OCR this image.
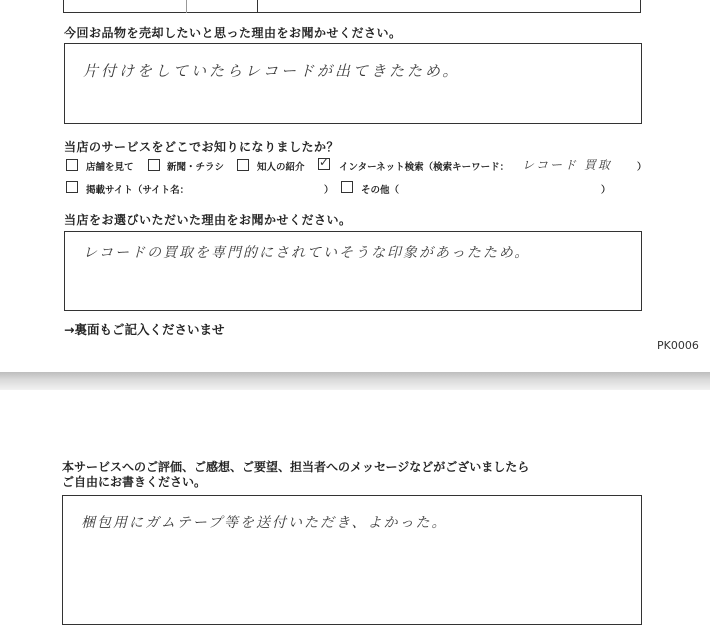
今回お品物を売却したいと思った理由をお聞かせください。
片付けをしていたらレコードが出てきたため。
当店のサービスをどこでお知りになりましたか？
店舗を見て	新聞・チラシ	知人の紹介 ✓ インターネット検索（検索キーワード： レコード 買取	）
掲載サイト（サイト名：	）	その他（	）
当店をお選びいただいた理由をお聞かせください。
レコードの買取を専門的にされていそうな印象があったため。
→裏面もご記入くださいませ
PK0006
本サービスへのご評価、ご感想、ご要望、担当者へのメッセージなどがございましたら
ご自由にお書きください。
梱包用にガムテープ等を送付いただき、よかった。
